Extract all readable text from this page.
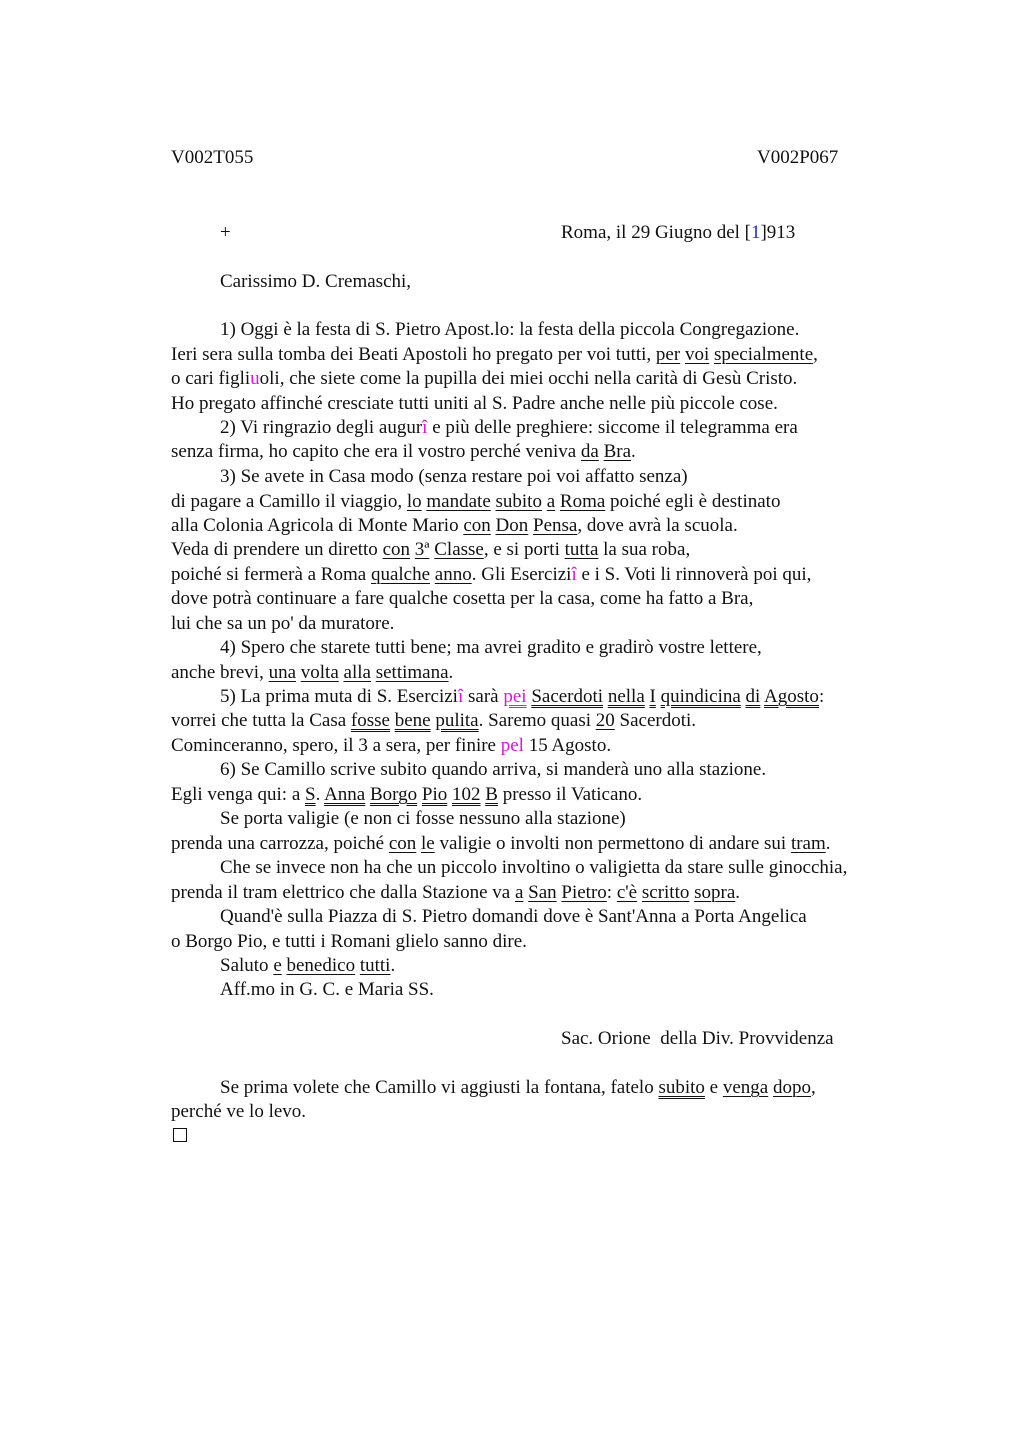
V002T055	V002P067
+	Roma, il 29 Giugno del [1]913
Carissimo D. Cremaschi,
1) Oggi è la festa di S. Pietro Apost.lo: la festa della piccola Congregazione.
Ieri sera sulla tomba dei Beati Apostoli ho pregato per voi tutti, per voi specialmente,
o cari figliuoli, che siete come la pupilla dei miei occhi nella carità di Gesù Cristo.
Ho pregato affinché cresciate tutti uniti al S. Padre anche nelle più piccole cose.
2) Vi ringrazio degli augurî e più delle preghiere: siccome il telegramma era
senza firma, ho capito che era il vostro perché veniva da Bra.
3) Se avete in Casa modo (senza restare poi voi affatto senza)
di pagare a Camillo il viaggio, lo mandate subito a Roma poiché egli è destinato
alla Colonia Agricola di Monte Mario con Don Pensa, dove avrà la scuola.
Veda di prendere un diretto con 3ª Classe, e si porti tutta la sua roba,
poiché si fermerà a Roma qualche anno. Gli Eserciziî e i S. Voti li rinnoverà poi qui,
dove potrà continuare a fare qualche cosetta per la casa, come ha fatto a Bra,
lui che sa un po' da muratore.
4) Spero che starete tutti bene; ma avrei gradito e gradirò vostre lettere,
anche brevi, una volta alla settimana.
5) La prima muta di S. Eserciziî sarà pei Sacerdoti nella I quindicina di Agosto:
vorrei che tutta la Casa fosse bene pulita. Saremo quasi 20 Sacerdoti.
Cominceranno, spero, il 3 a sera, per finire pel 15 Agosto.
6) Se Camillo scrive subito quando arriva, si manderà uno alla stazione.
Egli venga qui: a S. Anna Borgo Pio 102 B presso il Vaticano.
Se porta valigie (e non ci fosse nessuno alla stazione)
prenda una carrozza, poiché con le valigie o involti non permettono di andare sui tram.
Che se invece non ha che un piccolo involtino o valigietta da stare sulle ginocchia,
prenda il tram elettrico che dalla Stazione va a San Pietro: c'è scritto sopra.
Quand'è sulla Piazza di S. Pietro domandi dove è Sant'Anna a Porta Angelica
o Borgo Pio, e tutti i Romani glielo sanno dire.
Saluto e benedico tutti.
Aff.mo in G. C. e Maria SS.
Sac. Orione  della Div. Provvidenza
Se prima volete che Camillo vi aggiusti la fontana, fatelo subito e venga dopo,
perché ve lo levo.
